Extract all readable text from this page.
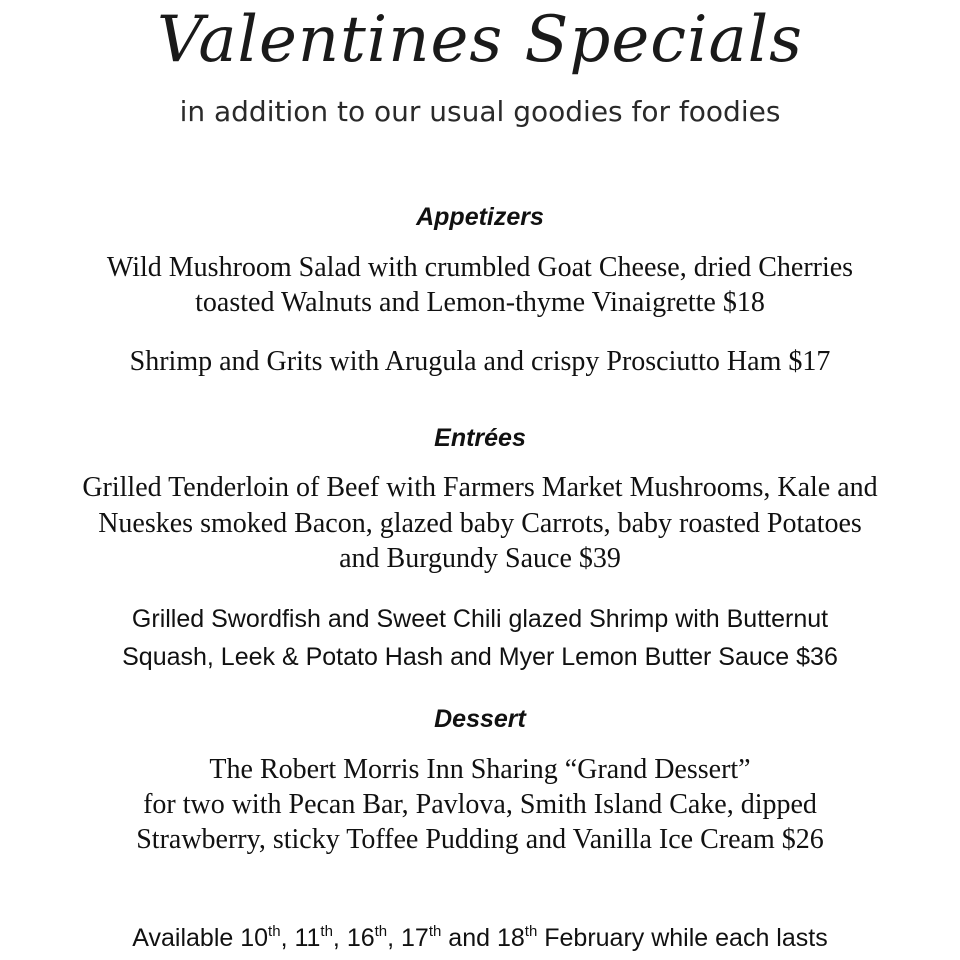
Valentines Specials
in addition to our usual goodies for foodies
Appetizers
Wild Mushroom Salad with crumbled Goat Cheese, dried Cherries
toasted Walnuts and Lemon-thyme Vinaigrette $18
Shrimp and Grits with Arugula and crispy Prosciutto Ham $17
Entrées
Grilled Tenderloin of Beef with Farmers Market Mushrooms, Kale and
Nueskes smoked Bacon, glazed baby Carrots, baby roasted Potatoes
and Burgundy Sauce $39
Grilled Swordfish and Sweet Chili glazed Shrimp with Butternut
Squash, Leek & Potato Hash and Myer Lemon Butter Sauce $36
Dessert
The Robert Morris Inn Sharing “Grand Dessert”
for two with Pecan Bar, Pavlova, Smith Island Cake, dipped
Strawberry, sticky Toffee Pudding and Vanilla Ice Cream $26
Available 10th, 11th, 16th, 17th and 18th February while each lasts
